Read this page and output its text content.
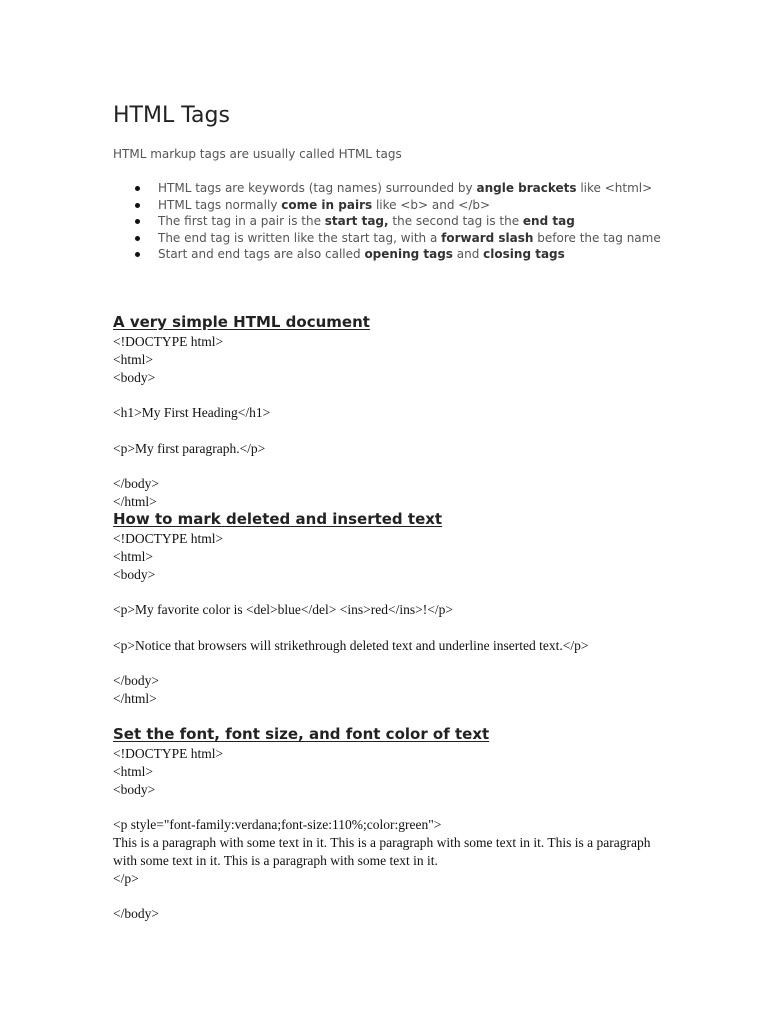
HTML Tags

HTML markup tags are usually called HTML tags

HTML tags are keywords (tag names) surrounded by angle brackets like <html>
HTML tags normally come in pairs like <b> and </b>
The first tag in a pair is the start tag, the second tag is the end tag
The end tag is written like the start tag, with a forward slash before the tag name
Start and end tags are also called opening tags and closing tags
A very simple HTML document
<!DOCTYPE html>
<html>
<body>

<h1>My First Heading</h1>

<p>My first paragraph.</p>

</body>
</html>
How to mark deleted and inserted text
<!DOCTYPE html>
<html>
<body>

<p>My favorite color is <del>blue</del> <ins>red</ins>!</p>

<p>Notice that browsers will strikethrough deleted text and underline inserted text.</p>

</body>
</html>
Set the font, font size, and font color of text
<!DOCTYPE html>
<html>
<body>

<p style="font-family:verdana;font-size:110%;color:green">
This is a paragraph with some text in it. This is a paragraph with some text in it. This is a paragraph with some text in it. This is a paragraph with some text in it.
</p>

</body>
